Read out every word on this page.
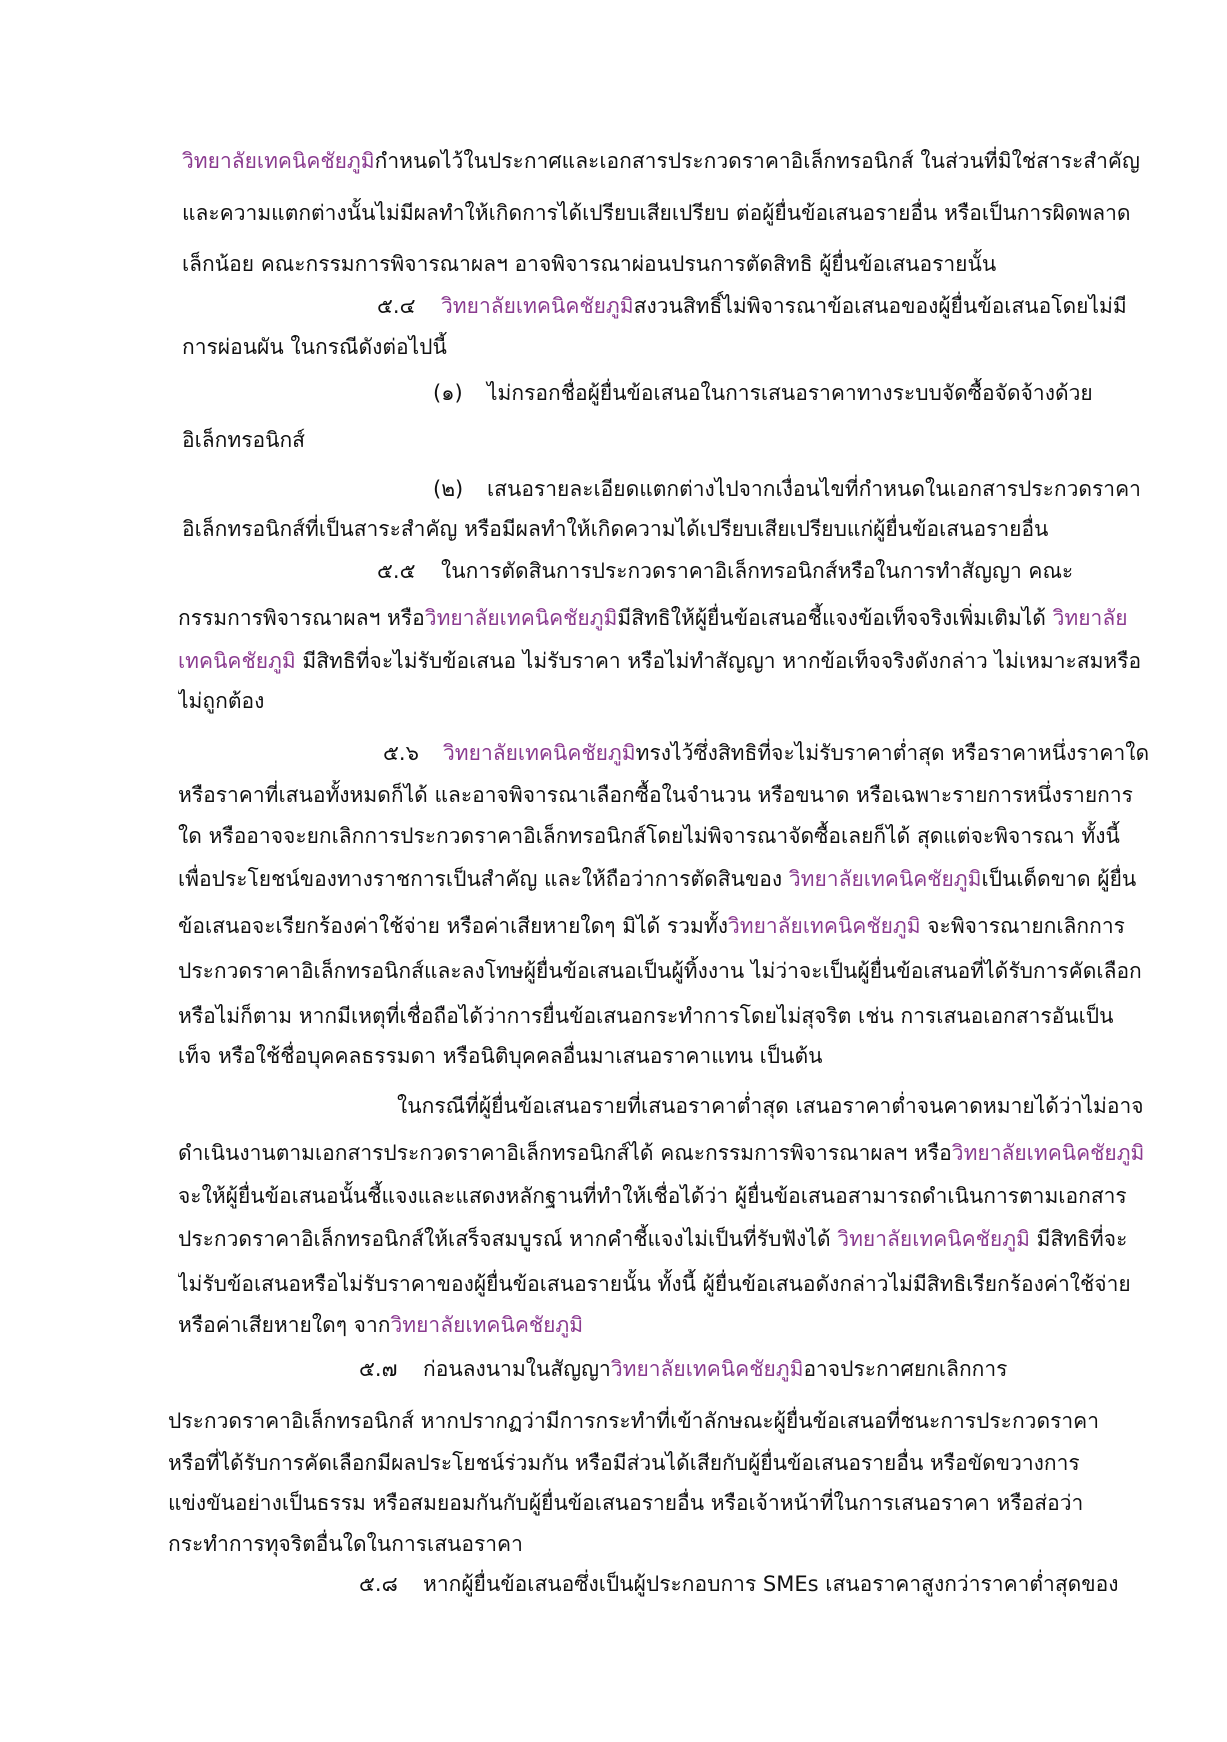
วิทยาลัยเทคนิคชัยภูมิกำหนดไว้ในประกาศและเอกสารประกวดราคาอิเล็กทรอนิกส์ ในส่วนที่มิใช่สาระสำคัญ
และความแตกต่างนั้นไม่มีผลทำให้เกิดการได้เปรียบเสียเปรียบ ต่อผู้ยื่นข้อเสนอรายอื่น หรือเป็นการผิดพลาด
เล็กน้อย คณะกรรมการพิจารณาผลฯ อาจพิจารณาผ่อนปรนการตัดสิทธิ ผู้ยื่นข้อเสนอรายนั้น
๕.๔ วิทยาลัยเทคนิคชัยภูมิสงวนสิทธิ์ไม่พิจารณาข้อเสนอของผู้ยื่นข้อเสนอโดยไม่มี
การผ่อนผัน ในกรณีดังต่อไปนี้
(๑) ไม่กรอกชื่อผู้ยื่นข้อเสนอในการเสนอราคาทางระบบจัดซื้อจัดจ้างด้วย
อิเล็กทรอนิกส์
(๒) เสนอรายละเอียดแตกต่างไปจากเงื่อนไขที่กำหนดในเอกสารประกวดราคา
อิเล็กทรอนิกส์ที่เป็นสาระสำคัญ หรือมีผลทำให้เกิดความได้เปรียบเสียเปรียบแก่ผู้ยื่นข้อเสนอรายอื่น
๕.๕ ในการตัดสินการประกวดราคาอิเล็กทรอนิกส์หรือในการทำสัญญา คณะ
กรรมการพิจารณาผลฯ หรือวิทยาลัยเทคนิคชัยภูมิมีสิทธิให้ผู้ยื่นข้อเสนอชี้แจงข้อเท็จจริงเพิ่มเติมได้ วิทยาลัย
เทคนิคชัยภูมิ มีสิทธิที่จะไม่รับข้อเสนอ ไม่รับราคา หรือไม่ทำสัญญา หากข้อเท็จจริงดังกล่าว ไม่เหมาะสมหรือ
ไม่ถูกต้อง
๕.๖ วิทยาลัยเทคนิคชัยภูมิทรงไว้ซึ่งสิทธิที่จะไม่รับราคาต่ำสุด หรือราคาหนึ่งราคาใด
หรือราคาที่เสนอทั้งหมดก็ได้ และอาจพิจารณาเลือกซื้อในจำนวน หรือขนาด หรือเฉพาะรายการหนึ่งรายการ
ใด หรืออาจจะยกเลิกการประกวดราคาอิเล็กทรอนิกส์โดยไม่พิจารณาจัดซื้อเลยก็ได้ สุดแต่จะพิจารณา ทั้งนี้
เพื่อประโยชน์ของทางราชการเป็นสำคัญ และให้ถือว่าการตัดสินของ วิทยาลัยเทคนิคชัยภูมิเป็นเด็ดขาด ผู้ยื่น
ข้อเสนอจะเรียกร้องค่าใช้จ่าย หรือค่าเสียหายใดๆ มิได้ รวมทั้งวิทยาลัยเทคนิคชัยภูมิ จะพิจารณายกเลิกการ
ประกวดราคาอิเล็กทรอนิกส์และลงโทษผู้ยื่นข้อเสนอเป็นผู้ทิ้งงาน ไม่ว่าจะเป็นผู้ยื่นข้อเสนอที่ได้รับการคัดเลือก
หรือไม่ก็ตาม หากมีเหตุที่เชื่อถือได้ว่าการยื่นข้อเสนอกระทำการโดยไม่สุจริต เช่น การเสนอเอกสารอันเป็น
เท็จ หรือใช้ชื่อบุคคลธรรมดา หรือนิติบุคคลอื่นมาเสนอราคาแทน เป็นต้น
ในกรณีที่ผู้ยื่นข้อเสนอรายที่เสนอราคาต่ำสุด เสนอราคาต่ำจนคาดหมายได้ว่าไม่อาจ
ดำเนินงานตามเอกสารประกวดราคาอิเล็กทรอนิกส์ได้ คณะกรรมการพิจารณาผลฯ หรือวิทยาลัยเทคนิคชัยภูมิ
จะให้ผู้ยื่นข้อเสนอนั้นชี้แจงและแสดงหลักฐานที่ทำให้เชื่อได้ว่า ผู้ยื่นข้อเสนอสามารถดำเนินการตามเอกสาร
ประกวดราคาอิเล็กทรอนิกส์ให้เสร็จสมบูรณ์ หากคำชี้แจงไม่เป็นที่รับฟังได้ วิทยาลัยเทคนิคชัยภูมิ มีสิทธิที่จะ
ไม่รับข้อเสนอหรือไม่รับราคาของผู้ยื่นข้อเสนอรายนั้น ทั้งนี้ ผู้ยื่นข้อเสนอดังกล่าวไม่มีสิทธิเรียกร้องค่าใช้จ่าย
หรือค่าเสียหายใดๆ จากวิทยาลัยเทคนิคชัยภูมิ
๕.๗ ก่อนลงนามในสัญญาวิทยาลัยเทคนิคชัยภูมิอาจประกาศยกเลิกการ
ประกวดราคาอิเล็กทรอนิกส์ หากปรากฏว่ามีการกระทำที่เข้าลักษณะผู้ยื่นข้อเสนอที่ชนะการประกวดราคา
หรือที่ได้รับการคัดเลือกมีผลประโยชน์ร่วมกัน หรือมีส่วนได้เสียกับผู้ยื่นข้อเสนอรายอื่น หรือขัดขวางการ
แข่งขันอย่างเป็นธรรม หรือสมยอมกันกับผู้ยื่นข้อเสนอรายอื่น หรือเจ้าหน้าที่ในการเสนอราคา หรือส่อว่า
กระทำการทุจริตอื่นใดในการเสนอราคา
๕.๘ หากผู้ยื่นข้อเสนอซึ่งเป็นผู้ประกอบการ SMEs เสนอราคาสูงกว่าราคาต่ำสุดของ
